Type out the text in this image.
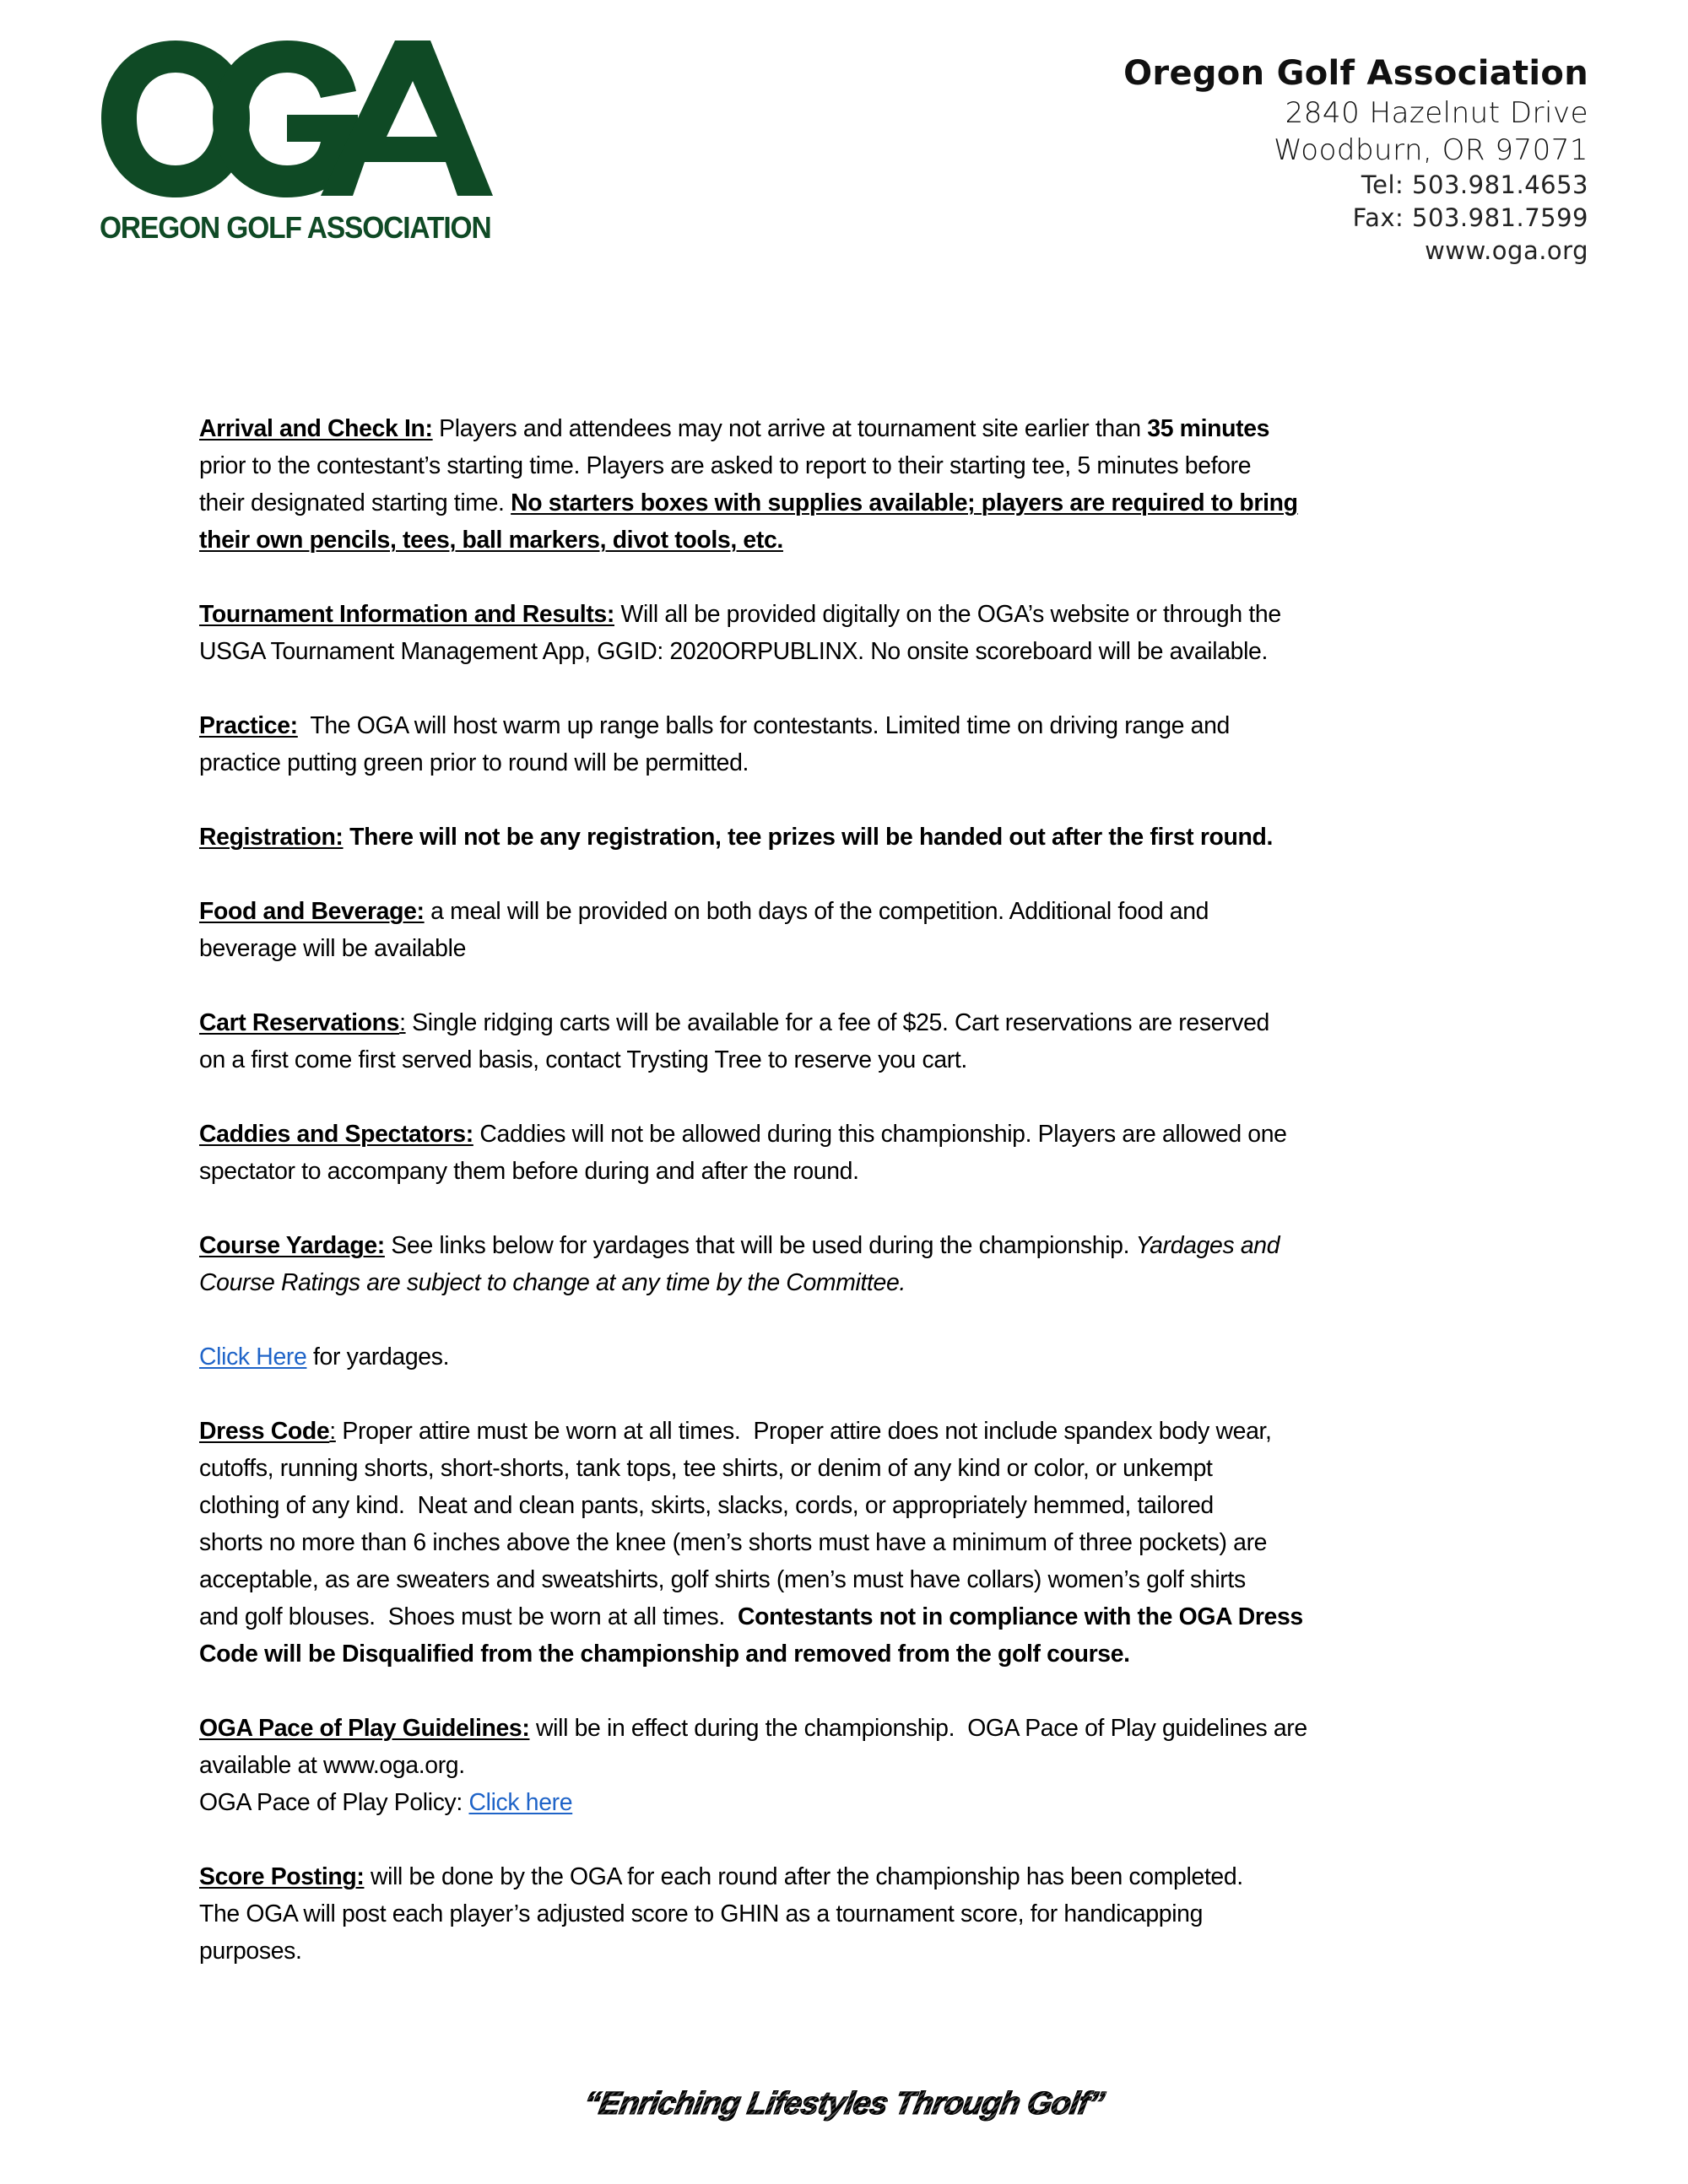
OREGON GOLF ASSOCIATION
Oregon Golf Association
2840 Hazelnut Drive
Woodburn, OR 97071
Tel: 503.981.4653
Fax: 503.981.7599
www.oga.org
Arrival and Check In: Players and attendees may not arrive at tournament site earlier than 35 minutes
prior to the contestant’s starting time. Players are asked to report to their starting tee, 5 minutes before
their designated starting time. No starters boxes with supplies available; players are required to bring
their own pencils, tees, ball markers, divot tools, etc.
Tournament Information and Results: Will all be provided digitally on the OGA’s website or through the
USGA Tournament Management App, GGID: 2020ORPUBLINX. No onsite scoreboard will be available.
Practice:  The OGA will host warm up range balls for contestants. Limited time on driving range and
practice putting green prior to round will be permitted.
Registration: There will not be any registration, tee prizes will be handed out after the first round.
Food and Beverage: a meal will be provided on both days of the competition. Additional food and
beverage will be available
Cart Reservations: Single ridging carts will be available for a fee of $25. Cart reservations are reserved
on a first come first served basis, contact Trysting Tree to reserve you cart.
Caddies and Spectators: Caddies will not be allowed during this championship. Players are allowed one
spectator to accompany them before during and after the round.
Course Yardage: See links below for yardages that will be used during the championship. Yardages and
Course Ratings are subject to change at any time by the Committee.
Click Here for yardages.
Dress Code: Proper attire must be worn at all times.  Proper attire does not include spandex body wear,
cutoffs, running shorts, short-shorts, tank tops, tee shirts, or denim of any kind or color, or unkempt
clothing of any kind.  Neat and clean pants, skirts, slacks, cords, or appropriately hemmed, tailored
shorts no more than 6 inches above the knee (men’s shorts must have a minimum of three pockets) are
acceptable, as are sweaters and sweatshirts, golf shirts (men’s must have collars) women’s golf shirts
and golf blouses.  Shoes must be worn at all times.  Contestants not in compliance with the OGA Dress
Code will be Disqualified from the championship and removed from the golf course.
OGA Pace of Play Guidelines: will be in effect during the championship.  OGA Pace of Play guidelines are
available at www.oga.org.
OGA Pace of Play Policy: Click here
Score Posting: will be done by the OGA for each round after the championship has been completed.
The OGA will post each player’s adjusted score to GHIN as a tournament score, for handicapping
purposes.
“Enriching Lifestyles Through Golf”
